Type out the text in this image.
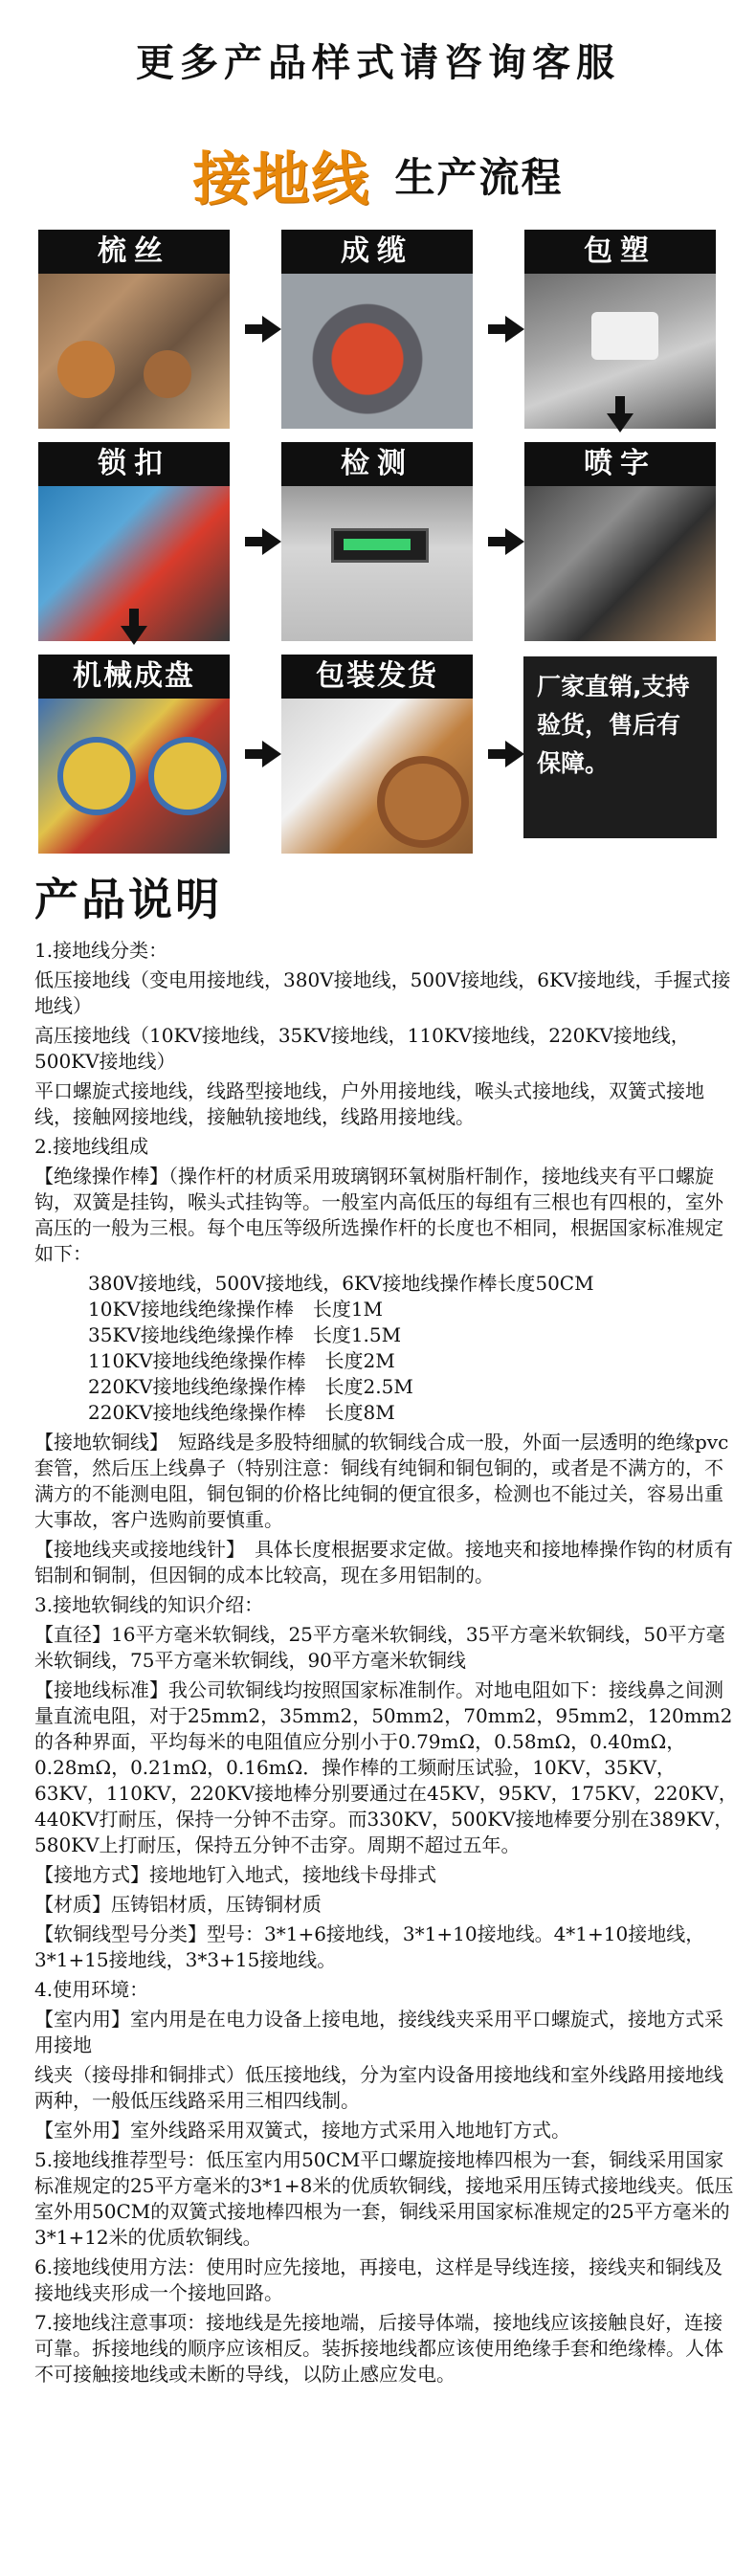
更多产品样式请咨询客服
接地线 生产流程
梳丝	成缆	包塑
锁扣	检测	喷字
机械成盘	包装发货	厂家直销,支持验货，售后有保障。
产品说明

1.接地线分类：

低压接地线（变电用接地线，380V接地线，500V接地线，6KV接地线，手握式接地线）

高压接地线（10KV接地线，35KV接地线，110KV接地线，220KV接地线，500KV接地线）

平口螺旋式接地线，线路型接地线，户外用接地线，喉头式接地线，双簧式接地线，接触网接地线，接触轨接地线，线路用接地线。

2.接地线组成

【绝缘操作棒】（操作杆的材质采用玻璃钢环氧树脂杆制作，接地线夹有平口螺旋钩，双簧是挂钩，喉头式挂钩等。一般室内高低压的每组有三根也有四根的，室外高压的一般为三根。每个电压等级所选操作杆的长度也不相同，根据国家标准规定如下：

380V接地线，500V接地线，6KV接地线操作棒长度50CM

10KV接地线绝缘操作棒　长度1M

35KV接地线绝缘操作棒　长度1.5M

110KV接地线绝缘操作棒　长度2M

220KV接地线绝缘操作棒　长度2.5M

220KV接地线绝缘操作棒　长度8M

【接地软铜线】　短路线是多股特细腻的软铜线合成一股，外面一层透明的绝缘pvc套管，然后压上线鼻子（特别注意：铜线有纯铜和铜包铜的，或者是不满方的，不满方的不能测电阻，铜包铜的价格比纯铜的便宜很多，检测也不能过关，容易出重大事故，客户选购前要慎重。

【接地线夹或接地线针】　具体长度根据要求定做。接地夹和接地棒操作钩的材质有铝制和铜制，但因铜的成本比较高，现在多用铝制的。

3.接地软铜线的知识介绍：

【直径】16平方毫米软铜线，25平方毫米软铜线，35平方毫米软铜线，50平方毫米软铜线，75平方毫米软铜线，90平方毫米软铜线

【接地线标准】我公司软铜线均按照国家标准制作。对地电阻如下：接线鼻之间测量直流电阻，对于25mm2，35mm2，50mm2，70mm2，95mm2，120mm2的各种界面，平均每米的电阻值应分别小于0.79mΩ，0.58mΩ，0.40mΩ，0.28mΩ，0.21mΩ，0.16mΩ．操作棒的工频耐压试验，10KV，35KV，63KV，110KV，220KV接地棒分别要通过在45KV，95KV，175KV，220KV，440KV打耐压，保持一分钟不击穿。而330KV，500KV接地棒要分别在389KV，580KV上打耐压，保持五分钟不击穿。周期不超过五年。

【接地方式】接地地钉入地式，接地线卡母排式

【材质】压铸铝材质，压铸铜材质

【软铜线型号分类】型号：3*1+6接地线，3*1+10接地线。4*1+10接地线，3*1+15接地线，3*3+15接地线。

4.使用环境：

【室内用】室内用是在电力设备上接电地，接线线夹采用平口螺旋式，接地方式采用接地

线夹（接母排和铜排式）低压接地线，分为室内设备用接地线和室外线路用接地线两种，一般低压线路采用三相四线制。

【室外用】室外线路采用双簧式，接地方式采用入地地钉方式。

5.接地线推荐型号：低压室内用50CM平口螺旋接地棒四根为一套，铜线采用国家标准规定的25平方毫米的3*1+8米的优质软铜线，接地采用压铸式接地线夹。低压室外用50CM的双簧式接地棒四根为一套，铜线采用国家标准规定的25平方毫米的3*1+12米的优质软铜线。

6.接地线使用方法：使用时应先接地，再接电，这样是导线连接，接线夹和铜线及接地线夹形成一个接地回路。

7.接地线注意事项：接地线是先接地端，后接导体端，接地线应该接触良好，连接可靠。拆接地线的顺序应该相反。装拆接地线都应该使用绝缘手套和绝缘棒。人体不可接触接地线或未断的导线，以防止感应发电。
